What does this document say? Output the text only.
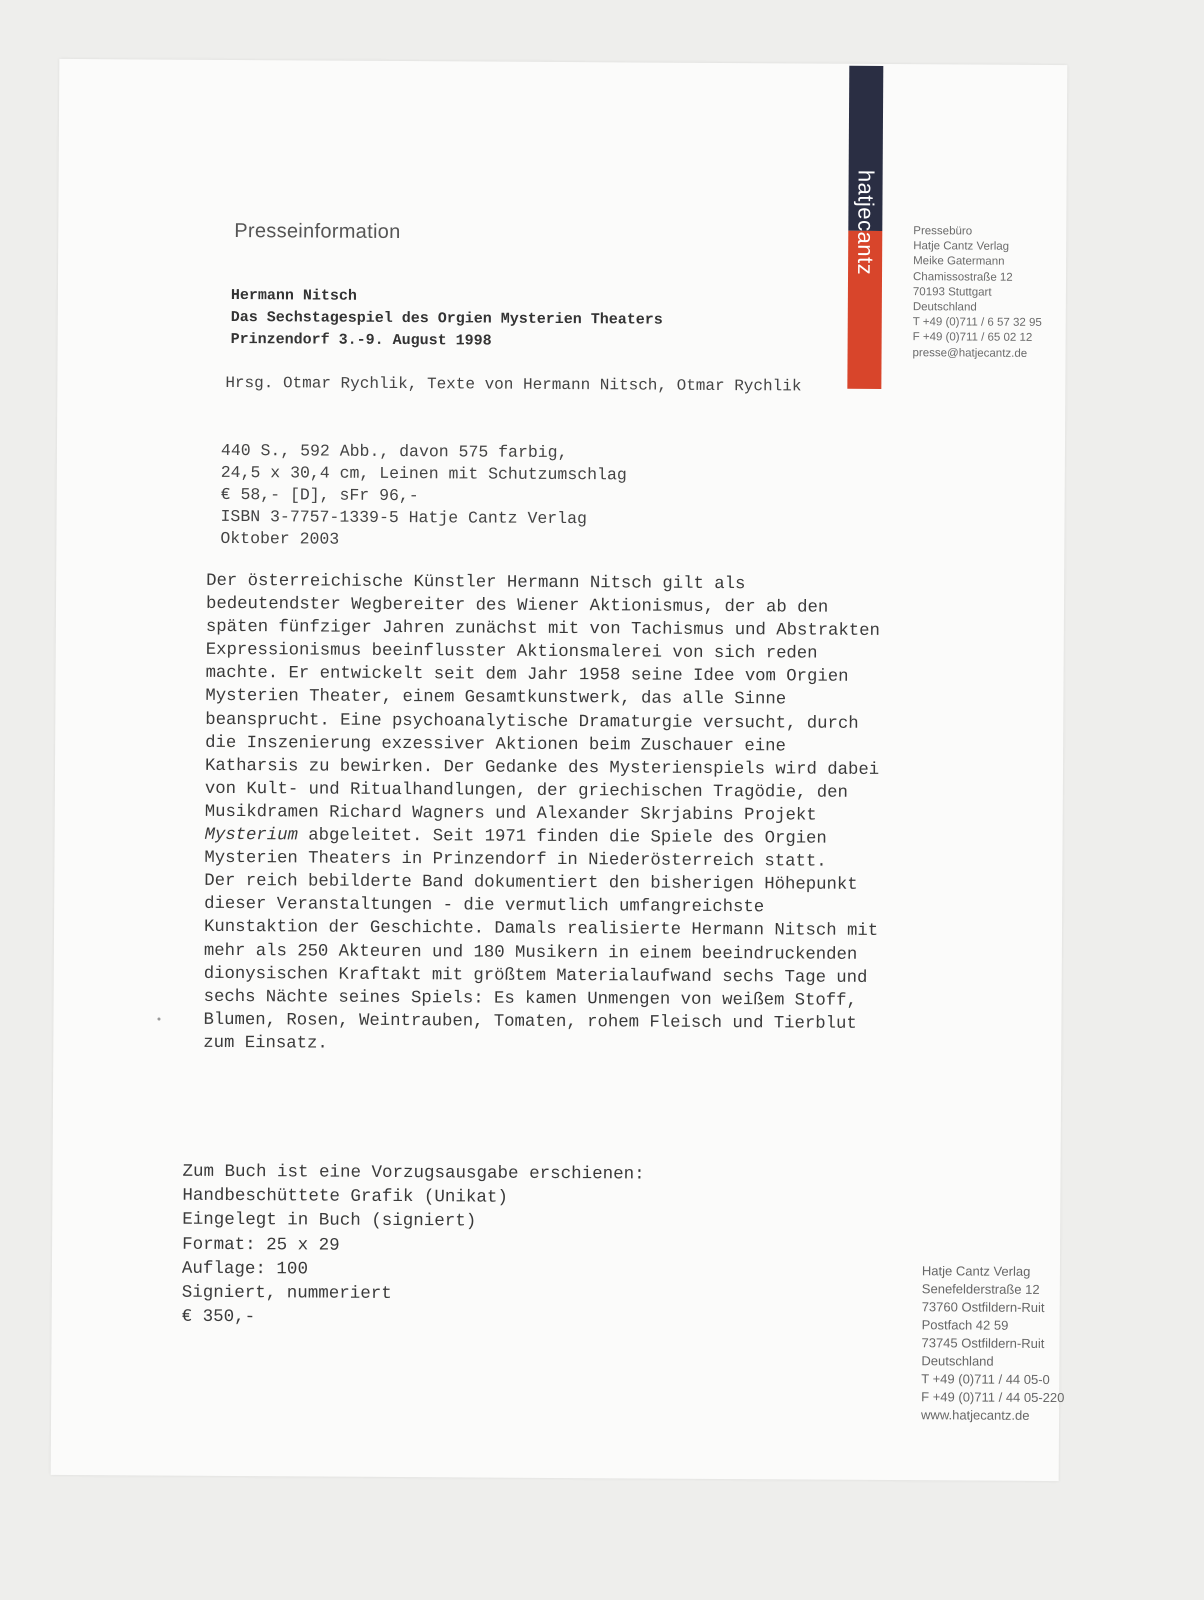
hatjecantz
Presseinformation	Pressebüro
Hatje Cantz Verlag
Meike Gatermann
Chamissostraße 12
70193 Stuttgart
Deutschland
T +49 (0)711 / 6 57 32 95
F +49 (0)711 / 65 02 12
presse@hatjecantz.de
Hermann Nitsch
Das Sechstagespiel des Orgien Mysterien Theaters
Prinzendorf 3.-9. August 1998
Hrsg. Otmar Rychlik, Texte von Hermann Nitsch, Otmar Rychlik
440 S., 592 Abb., davon 575 farbig,
24,5 x 30,4 cm, Leinen mit Schutzumschlag
€ 58,- [D], sFr 96,-
ISBN 3-7757-1339-5 Hatje Cantz Verlag
Oktober 2003

Der österreichische Künstler Hermann Nitsch gilt als bedeutendster Wegbereiter des Wiener Aktionismus, der ab den späten fünfziger Jahren zunächst mit von Tachismus und Abstrakten Expressionismus beeinflusster Aktionsmalerei von sich reden machte. Er entwickelt seit dem Jahr 1958 seine Idee vom Orgien Mysterien Theater, einem Gesamtkunstwerk, das alle Sinne beansprucht. Eine psychoanalytische Dramaturgie versucht, durch die Inszenierung exzessiver Aktionen beim Zuschauer eine Katharsis zu bewirken. Der Gedanke des Mysterienspiels wird dabei von Kult- und Ritualhandlungen, der griechischen Tragödie, den Musikdramen Richard Wagners und Alexander Skrjabins Projekt Mysterium abgeleitet. Seit 1971 finden die Spiele des Orgien Mysterien Theaters in Prinzendorf in Niederösterreich statt.

Der reich bebilderte Band dokumentiert den bisherigen Höhepunkt dieser Veranstaltungen - die vermutlich umfangreichste Kunstaktion der Geschichte. Damals realisierte Hermann Nitsch mit mehr als 250 Akteuren und 180 Musikern in einem beeindruckenden dionysischen Kraftakt mit größtem Materialaufwand sechs Tage und sechs Nächte seines Spiels: Es kamen Unmengen von weißem Stoff, Blumen, Rosen, Weintrauben, Tomaten, rohem Fleisch und Tierblut zum Einsatz.

Zum Buch ist eine Vorzugsausgabe erschienen:
Handbeschüttete Grafik (Unikat)
Eingelegt in Buch (signiert)
Format: 25 x 29
Auflage: 100
Signiert, nummeriert
€ 350,-
Hatje Cantz Verlag
Senefelderstraße 12
73760 Ostfildern-Ruit
Postfach 42 59
73745 Ostfildern-Ruit
Deutschland
T +49 (0)711 / 44 05-0
F +49 (0)711 / 44 05-220
www.hatjecantz.de
